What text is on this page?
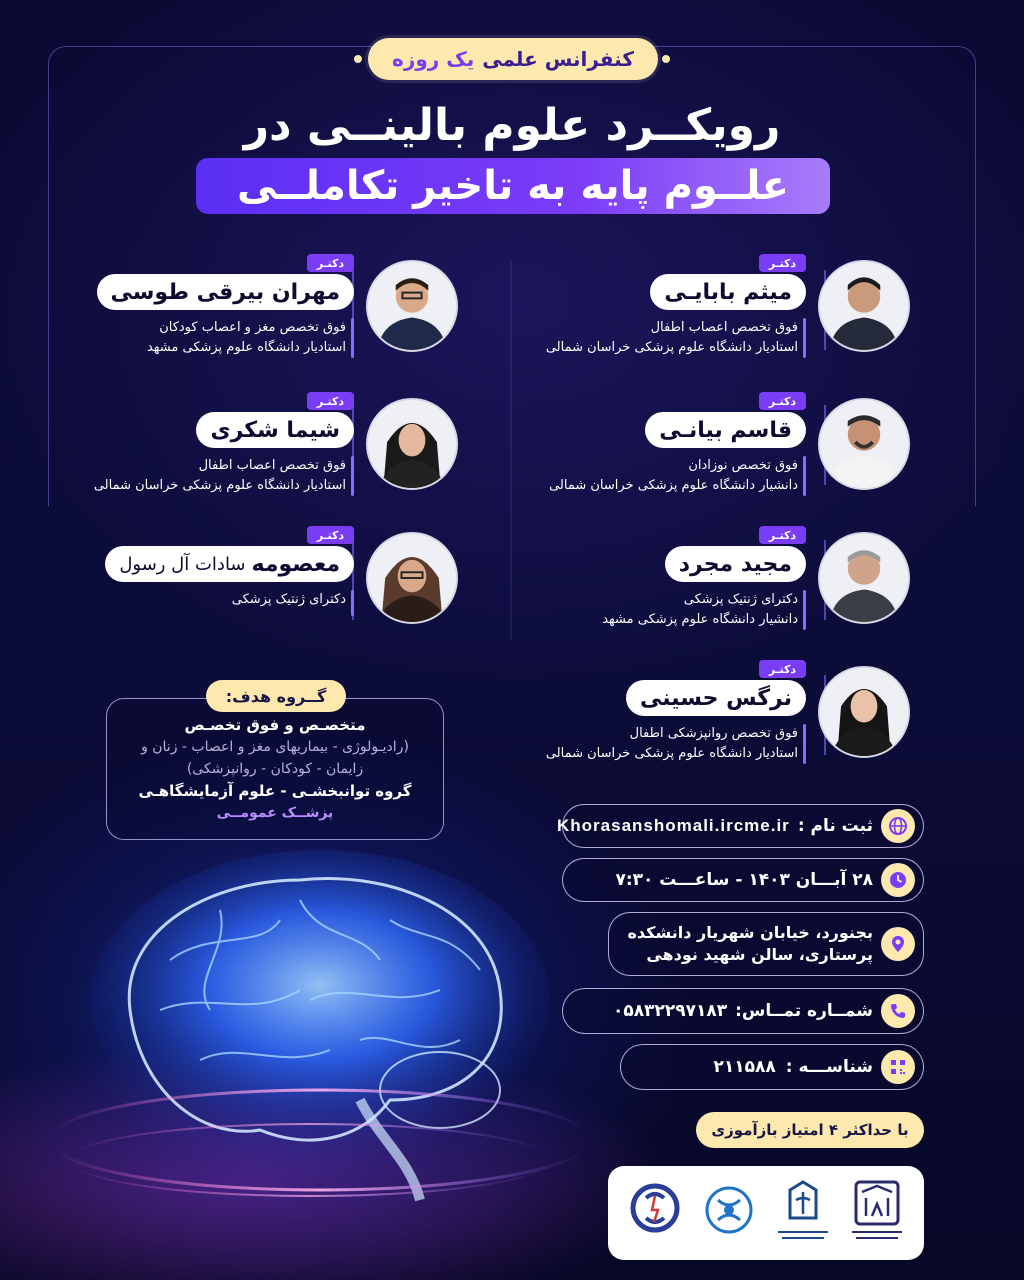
کنفرانس علمی
یک روزه
رویکــرد علوم بالینــی در
علــوم پایه به تاخیر تکاملــی
دکتـر
میثم بابایـی
فوق تخصص اعصاب اطفال
استادیار دانشگاه علوم پزشکی خراسان شمالی
دکتـر
قاسم بیانـی
فوق تخصص نوزادان
دانشیار دانشگاه علوم پزشکی خراسان شمالی
دکتـر
مجید مجرد
دکترای ژنتیک پزشکی
دانشیار دانشگاه علوم پزشکی مشهد
دکتـر
نرگس حسینی
فوق تخصص روانپزشکی اطفال
استادیار دانشگاه علوم پزشکی خراسان شمالی
دکتـر
مهران بیرقی طوسی
فوق تخصص مغز و اعصاب کودکان
استادیار دانشگاه علوم پزشکی مشهد
دکتـر
شیما شکری
فوق تخصص اعصاب اطفال
استادیار دانشگاه علوم پزشکی خراسان شمالی
دکتـر
معصومه
سادات آل رسول
دکترای ژنتیک پزشکی
گــروه هدف:
متخصـص و فوق تخصـص
(رادیـولوژی - بیماریهای مغز و اعصاب - زنان و
زایمان - کودکان - روانپزشکی)
گروه توانبخشـی - علوم آزمایشگاهـی
پزشــک عمومــی
ثبت نام :
Khorasanshomali.ircme.ir
۲۸ آبـــان ۱۴۰۳ - ساعـــت ۷:۳۰
بجنورد، خیابان شهریار دانشکده
پرستاری، سالن شهید نودهی
شمــاره تمــاس:
۰۵۸۳۲۲۹۷۱۸۳
شناســـه :
۲۱۱۵۸۸
با حداکثر ۴ امتیاز بازآموزی
